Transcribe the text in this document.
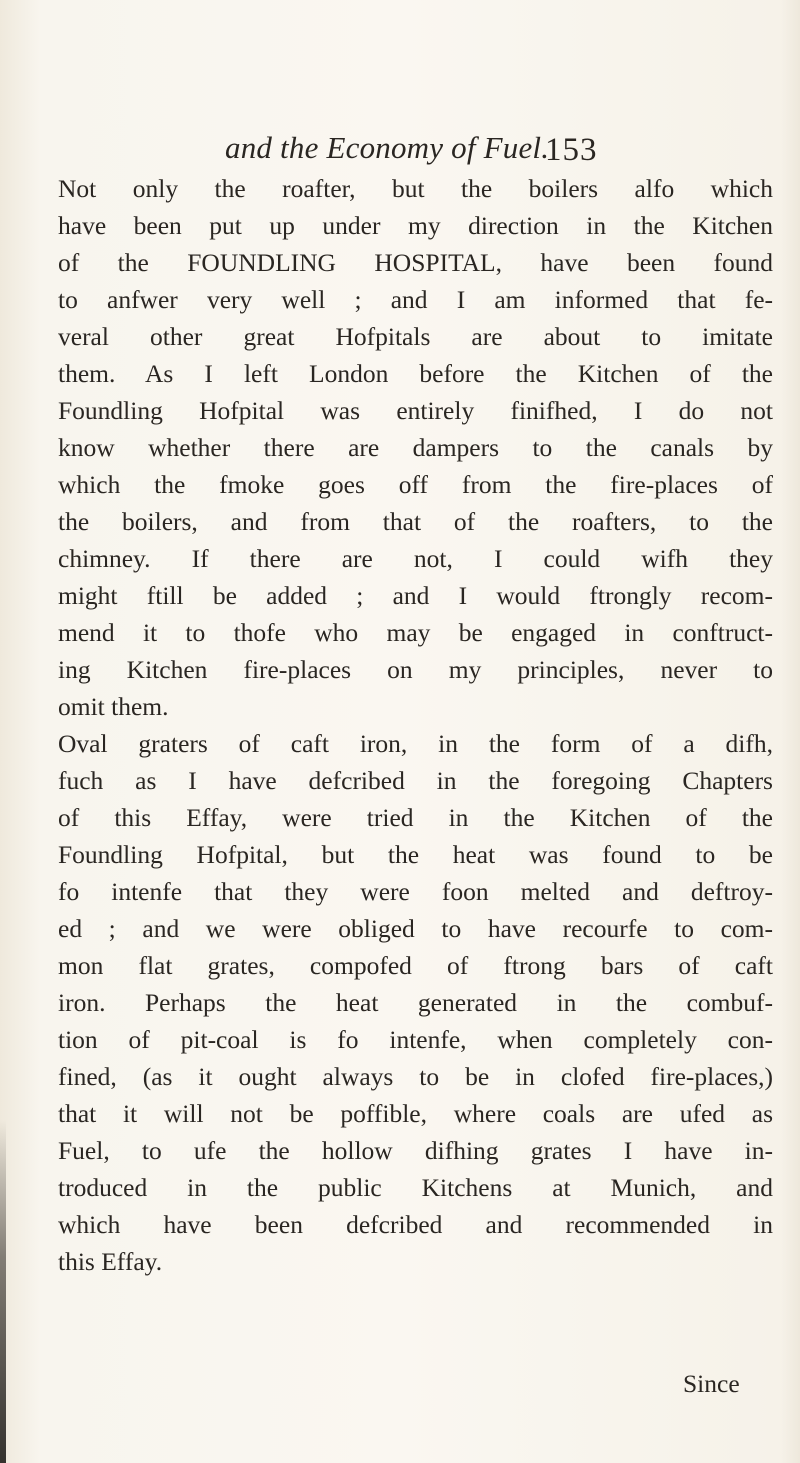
and the Economy of Fuel.
153
Not only the roafter, but the boilers alfo which
have been put up under my direction in the Kitchen
of the FOUNDLING HOSPITAL, have been found
to anfwer very well ; and I am informed that fe-
veral other great Hofpitals are about to imitate
them. As I left London before the Kitchen of the
Foundling Hofpital was entirely finifhed, I do not
know whether there are dampers to the canals by
which the fmoke goes off from the fire-places of
the boilers, and from that of the roafters, to the
chimney. If there are not, I could wifh they
might ftill be added ; and I would ftrongly recom-
mend it to thofe who may be engaged in conftruct-
ing Kitchen fire-places on my principles, never to
omit them.
Oval graters of caft iron, in the form of a difh,
fuch as I have defcribed in the foregoing Chapters
of this Effay, were tried in the Kitchen of the
Foundling Hofpital, but the heat was found to be
fo intenfe that they were foon melted and deftroy-
ed ; and we were obliged to have recourfe to com-
mon flat grates, compofed of ftrong bars of caft
iron. Perhaps the heat generated in the combuf-
tion of pit-coal is fo intenfe, when completely con-
fined, (as it ought always to be in clofed fire-places,)
that it will not be poffible, where coals are ufed as
Fuel, to ufe the hollow difhing grates I have in-
troduced in the public Kitchens at Munich, and
which have been defcribed and recommended in
this Effay.
Since
